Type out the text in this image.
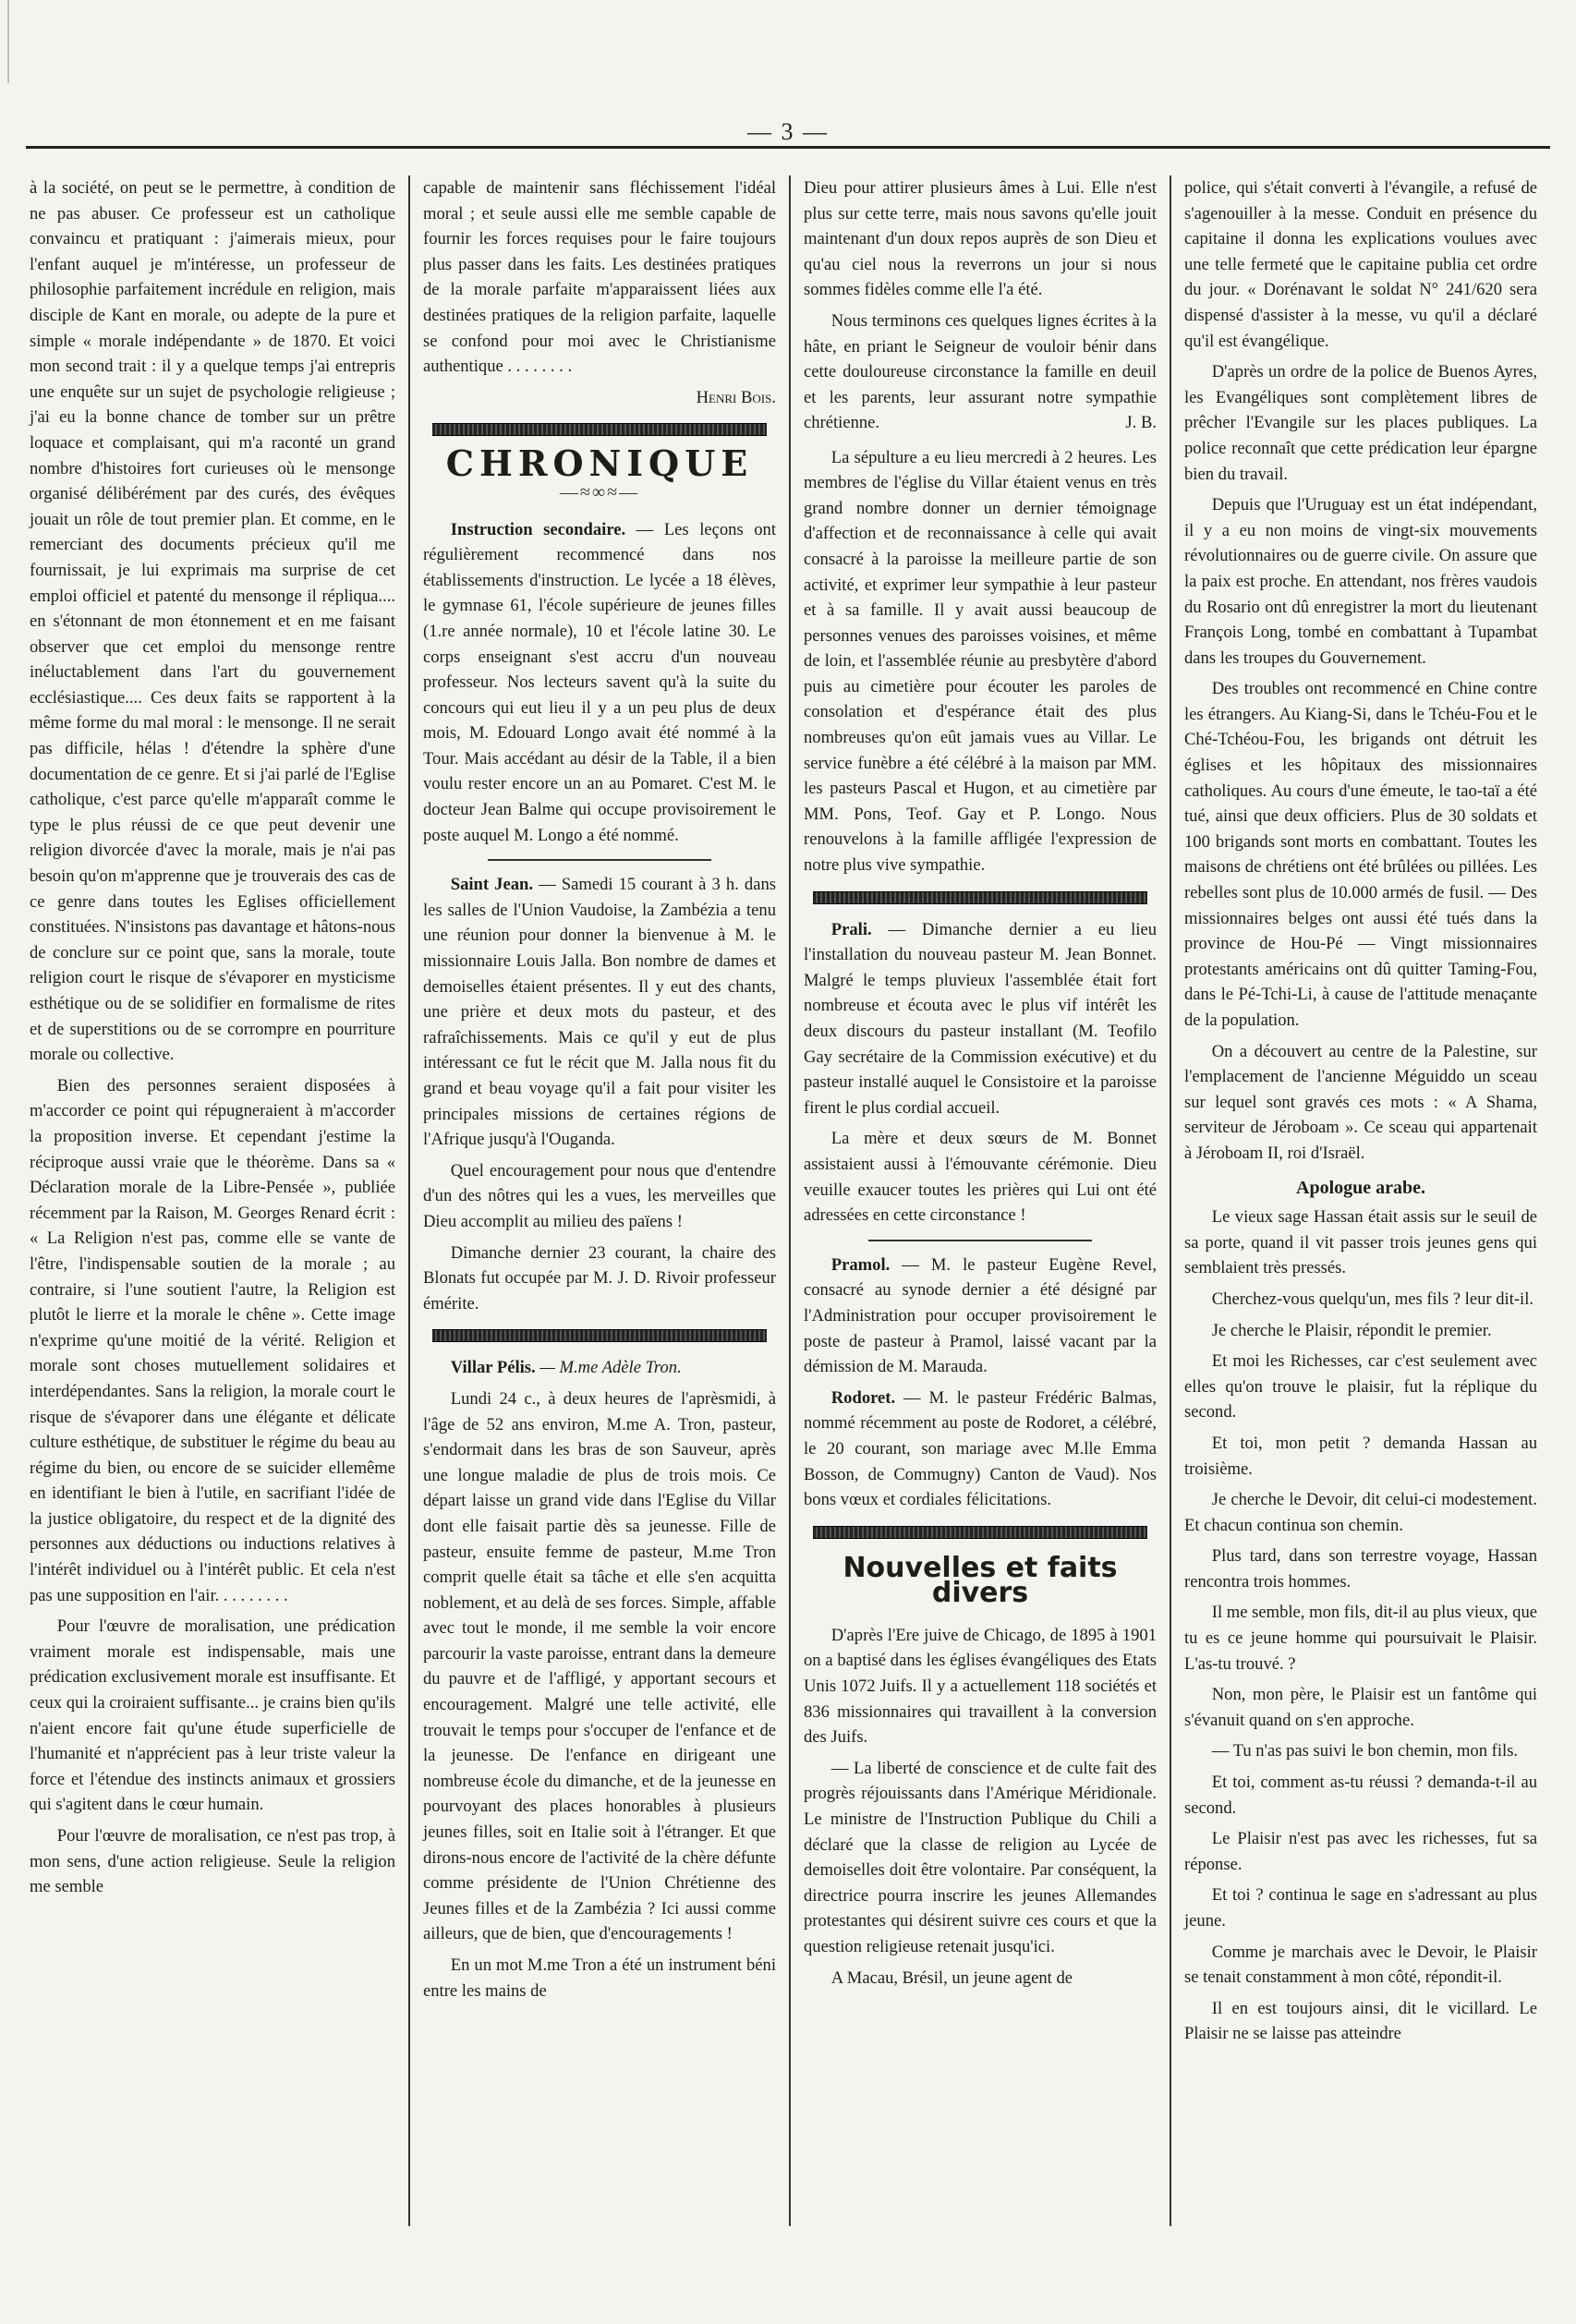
— 3 —

à la société, on peut se le permettre, à condition de ne pas abuser. Ce professeur est un catholique convaincu et pratiquant : j'aimerais mieux, pour l'enfant auquel je m'intéresse, un professeur de philosophie parfaitement incrédule en religion, mais disciple de Kant en morale, ou adepte de la pure et simple « morale indépendante » de 1870. Et voici mon second trait : il y a quelque temps j'ai entrepris une enquête sur un sujet de psychologie religieuse ; j'ai eu la bonne chance de tomber sur un prêtre loquace et complaisant, qui m'a raconté un grand nombre d'histoires fort curieuses où le mensonge organisé délibérément par des curés, des évêques jouait un rôle de tout premier plan. Et comme, en le remerciant des documents précieux qu'il me fournissait, je lui exprimais ma surprise de cet emploi officiel et patenté du mensonge il répliqua.... en s'étonnant de mon étonnement et en me faisant observer que cet emploi du mensonge rentre inéluctablement dans l'art du gouvernement ecclésiastique.... Ces deux faits se rapportent à la même forme du mal moral : le mensonge. Il ne serait pas difficile, hélas ! d'étendre la sphère d'une documentation de ce genre. Et si j'ai parlé de l'Eglise catholique, c'est parce qu'elle m'apparaît comme le type le plus réussi de ce que peut devenir une religion divorcée d'avec la morale, mais je n'ai pas besoin qu'on m'apprenne que je trouverais des cas de ce genre dans toutes les Eglises officiellement constituées. N'insistons pas davantage et hâtons-nous de conclure sur ce point que, sans la morale, toute religion court le risque de s'évaporer en mysticisme esthétique ou de se solidifier en formalisme de rites et de superstitions ou de se corrompre en pourriture morale ou collective.

Bien des personnes seraient disposées à m'accorder ce point qui répugneraient à m'accorder la proposition inverse. Et cependant j'estime la réciproque aussi vraie que le théorème. Dans sa « Déclaration morale de la Libre-Pensée », publiée récemment par la Raison, M. Georges Renard écrit : « La Religion n'est pas, comme elle se vante de l'être, l'indispensable soutien de la morale ; au contraire, si l'une soutient l'autre, la Religion est plutôt le lierre et la morale le chêne ». Cette image n'exprime qu'une moitié de la vérité. Religion et morale sont choses mutuellement solidaires et interdépendantes. Sans la religion, la morale court le risque de s'évaporer dans une élégante et délicate culture esthétique, de substituer le régime du beau au régime du bien, ou encore de se suicider ellemême en identifiant le bien à l'utile, en sacrifiant l'idée de la justice obligatoire, du respect et de la dignité des personnes aux déductions ou inductions relatives à l'intérêt individuel ou à l'intérêt public. Et cela n'est pas une supposition en l'air. . . . . . . . .

Pour l'œuvre de moralisation, une prédication vraiment morale est indispensable, mais une prédication exclusivement morale est insuffisante. Et ceux qui la croiraient suffisante... je crains bien qu'ils n'aient encore fait qu'une étude superficielle de l'humanité et n'apprécient pas à leur triste valeur la force et l'étendue des instincts animaux et grossiers qui s'agitent dans le cœur humain.

Pour l'œuvre de moralisation, ce n'est pas trop, à mon sens, d'une action religieuse. Seule la religion me semble

capable de maintenir sans fléchissement l'idéal moral ; et seule aussi elle me semble capable de fournir les forces requises pour le faire toujours plus passer dans les faits. Les destinées pratiques de la morale parfaite m'apparaissent liées aux destinées pratiques de la religion parfaite, laquelle se confond pour moi avec le Christianisme authentique . . . . . . . .

Henri Bois.
CHRONIQUE
—≈∞≈—

Instruction secondaire. — Les leçons ont régulièrement recommencé dans nos établissements d'instruction. Le lycée a 18 élèves, le gymnase 61, l'école supérieure de jeunes filles (1.re année normale), 10 et l'école latine 30. Le corps enseignant s'est accru d'un nouveau professeur. Nos lecteurs savent qu'à la suite du concours qui eut lieu il y a un peu plus de deux mois, M. Edouard Longo avait été nommé à la Tour. Mais accédant au désir de la Table, il a bien voulu rester encore un an au Pomaret. C'est M. le docteur Jean Balme qui occupe provisoirement le poste auquel M. Longo a été nommé.

Saint Jean. — Samedi 15 courant à 3 h. dans les salles de l'Union Vaudoise, la Zambézia a tenu une réunion pour donner la bienvenue à M. le missionnaire Louis Jalla. Bon nombre de dames et demoiselles étaient présentes. Il y eut des chants, une prière et deux mots du pasteur, et des rafraîchissements. Mais ce qu'il y eut de plus intéressant ce fut le récit que M. Jalla nous fit du grand et beau voyage qu'il a fait pour visiter les principales missions de certaines régions de l'Afrique jusqu'à l'Ouganda.

Quel encouragement pour nous que d'entendre d'un des nôtres qui les a vues, les merveilles que Dieu accomplit au milieu des païens !

Dimanche dernier 23 courant, la chaire des Blonats fut occupée par M. J. D. Rivoir professeur émérite.

Villar Pélis. — M.me Adèle Tron.

Lundi 24 c., à deux heures de l'aprèsmidi, à l'âge de 52 ans environ, M.me A. Tron, pasteur, s'endormait dans les bras de son Sauveur, après une longue maladie de plus de trois mois. Ce départ laisse un grand vide dans l'Eglise du Villar dont elle faisait partie dès sa jeunesse. Fille de pasteur, ensuite femme de pasteur, M.me Tron comprit quelle était sa tâche et elle s'en acquitta noblement, et au delà de ses forces. Simple, affable avec tout le monde, il me semble la voir encore parcourir la vaste paroisse, entrant dans la demeure du pauvre et de l'affligé, y apportant secours et encouragement. Malgré une telle activité, elle trouvait le temps pour s'occuper de l'enfance et de la jeunesse. De l'enfance en dirigeant une nombreuse école du dimanche, et de la jeunesse en pourvoyant des places honorables à plusieurs jeunes filles, soit en Italie soit à l'étranger. Et que dirons-nous encore de l'activité de la chère défunte comme présidente de l'Union Chrétienne des Jeunes filles et de la Zambézia ? Ici aussi comme ailleurs, que de bien, que d'encouragements !

En un mot M.me Tron a été un instrument béni entre les mains de

Dieu pour attirer plusieurs âmes à Lui. Elle n'est plus sur cette terre, mais nous savons qu'elle jouit maintenant d'un doux repos auprès de son Dieu et qu'au ciel nous la reverrons un jour si nous sommes fidèles comme elle l'a été.

Nous terminons ces quelques lignes écrites à la hâte, en priant le Seigneur de vouloir bénir dans cette douloureuse circonstance la famille en deuil et les parents, leur assurant notre sympathie chrétienne.	J. B.

La sépulture a eu lieu mercredi à 2 heures. Les membres de l'église du Villar étaient venus en très grand nombre donner un dernier témoignage d'affection et de reconnaissance à celle qui avait consacré à la paroisse la meilleure partie de son activité, et exprimer leur sympathie à leur pasteur et à sa famille. Il y avait aussi beaucoup de personnes venues des paroisses voisines, et même de loin, et l'assemblée réunie au presbytère d'abord puis au cimetière pour écouter les paroles de consolation et d'espérance était des plus nombreuses qu'on eût jamais vues au Villar. Le service funèbre a été célébré à la maison par MM. les pasteurs Pascal et Hugon, et au cimetière par MM. Pons, Teof. Gay et P. Longo. Nous renouvelons à la famille affligée l'expression de notre plus vive sympathie.

Prali. — Dimanche dernier a eu lieu l'installation du nouveau pasteur M. Jean Bonnet. Malgré le temps pluvieux l'assemblée était fort nombreuse et écouta avec le plus vif intérêt les deux discours du pasteur installant (M. Teofilo Gay secrétaire de la Commission exécutive) et du pasteur installé auquel le Consistoire et la paroisse firent le plus cordial accueil.

La mère et deux sœurs de M. Bonnet assistaient aussi à l'émouvante cérémonie. Dieu veuille exaucer toutes les prières qui Lui ont été adressées en cette circonstance !

Pramol. — M. le pasteur Eugène Revel, consacré au synode dernier a été désigné par l'Administration pour occuper provisoirement le poste de pasteur à Pramol, laissé vacant par la démission de M. Marauda.

Rodoret. — M. le pasteur Frédéric Balmas, nommé récemment au poste de Rodoret, a célébré, le 20 courant, son mariage avec M.lle Emma Bosson, de Commugny) Canton de Vaud). Nos bons vœux et cordiales félicitations.

Nouvelles et faits divers

D'après l'Ere juive de Chicago, de 1895 à 1901 on a baptisé dans les églises évangéliques des Etats Unis 1072 Juifs. Il y a actuellement 118 sociétés et 836 missionnaires qui travaillent à la conversion des Juifs.

— La liberté de conscience et de culte fait des progrès réjouissants dans l'Amérique Méridionale. Le ministre de l'Instruction Publique du Chili a déclaré que la classe de religion au Lycée de demoiselles doit être volontaire. Par conséquent, la directrice pourra inscrire les jeunes Allemandes protestantes qui désirent suivre ces cours et que la question religieuse retenait jusqu'ici.

A Macau, Brésil, un jeune agent de

police, qui s'était converti à l'évangile, a refusé de s'agenouiller à la messe. Conduit en présence du capitaine il donna les explications voulues avec une telle fermeté que le capitaine publia cet ordre du jour. « Dorénavant le soldat N° 241/620 sera dispensé d'assister à la messe, vu qu'il a déclaré qu'il est évangélique.

D'après un ordre de la police de Buenos Ayres, les Evangéliques sont complètement libres de prêcher l'Evangile sur les places publiques. La police reconnaît que cette prédication leur épargne bien du travail.

Depuis que l'Uruguay est un état indépendant, il y a eu non moins de vingt-six mouvements révolutionnaires ou de guerre civile. On assure que la paix est proche. En attendant, nos frères vaudois du Rosario ont dû enregistrer la mort du lieutenant François Long, tombé en combattant à Tupambat dans les troupes du Gouvernement.

Des troubles ont recommencé en Chine contre les étrangers. Au Kiang-Si, dans le Tchéu-Fou et le Ché-Tchéou-Fou, les brigands ont détruit les églises et les hôpitaux des missionnaires catholiques. Au cours d'une émeute, le tao-taï a été tué, ainsi que deux officiers. Plus de 30 soldats et 100 brigands sont morts en combattant. Toutes les maisons de chrétiens ont été brûlées ou pillées. Les rebelles sont plus de 10.000 armés de fusil. — Des missionnaires belges ont aussi été tués dans la province de Hou-Pé — Vingt missionnaires protestants américains ont dû quitter Taming-Fou, dans le Pé-Tchi-Li, à cause de l'attitude menaçante de la population.

On a découvert au centre de la Palestine, sur l'emplacement de l'ancienne Méguiddo un sceau sur lequel sont gravés ces mots : « A Shama, serviteur de Jéroboam ». Ce sceau qui appartenait à Jéroboam II, roi d'Israël.

Apologue arabe.

Le vieux sage Hassan était assis sur le seuil de sa porte, quand il vit passer trois jeunes gens qui semblaient très pressés.

Cherchez-vous quelqu'un, mes fils ? leur dit-il.

Je cherche le Plaisir, répondit le premier.

Et moi les Richesses, car c'est seulement avec elles qu'on trouve le plaisir, fut la réplique du second.

Et toi, mon petit ? demanda Hassan au troisième.

Je cherche le Devoir, dit celui-ci modestement. Et chacun continua son chemin.

Plus tard, dans son terrestre voyage, Hassan rencontra trois hommes.

Il me semble, mon fils, dit-il au plus vieux, que tu es ce jeune homme qui poursuivait le Plaisir. L'as-tu trouvé. ?

Non, mon père, le Plaisir est un fantôme qui s'évanuit quand on s'en approche.

— Tu n'as pas suivi le bon chemin, mon fils.

Et toi, comment as-tu réussi ? demanda-t-il au second.

Le Plaisir n'est pas avec les richesses, fut sa réponse.

Et toi ? continua le sage en s'adressant au plus jeune.

Comme je marchais avec le Devoir, le Plaisir se tenait constamment à mon côté, répondit-il.

Il en est toujours ainsi, dit le vicillard. Le Plaisir ne se laisse pas atteindre
